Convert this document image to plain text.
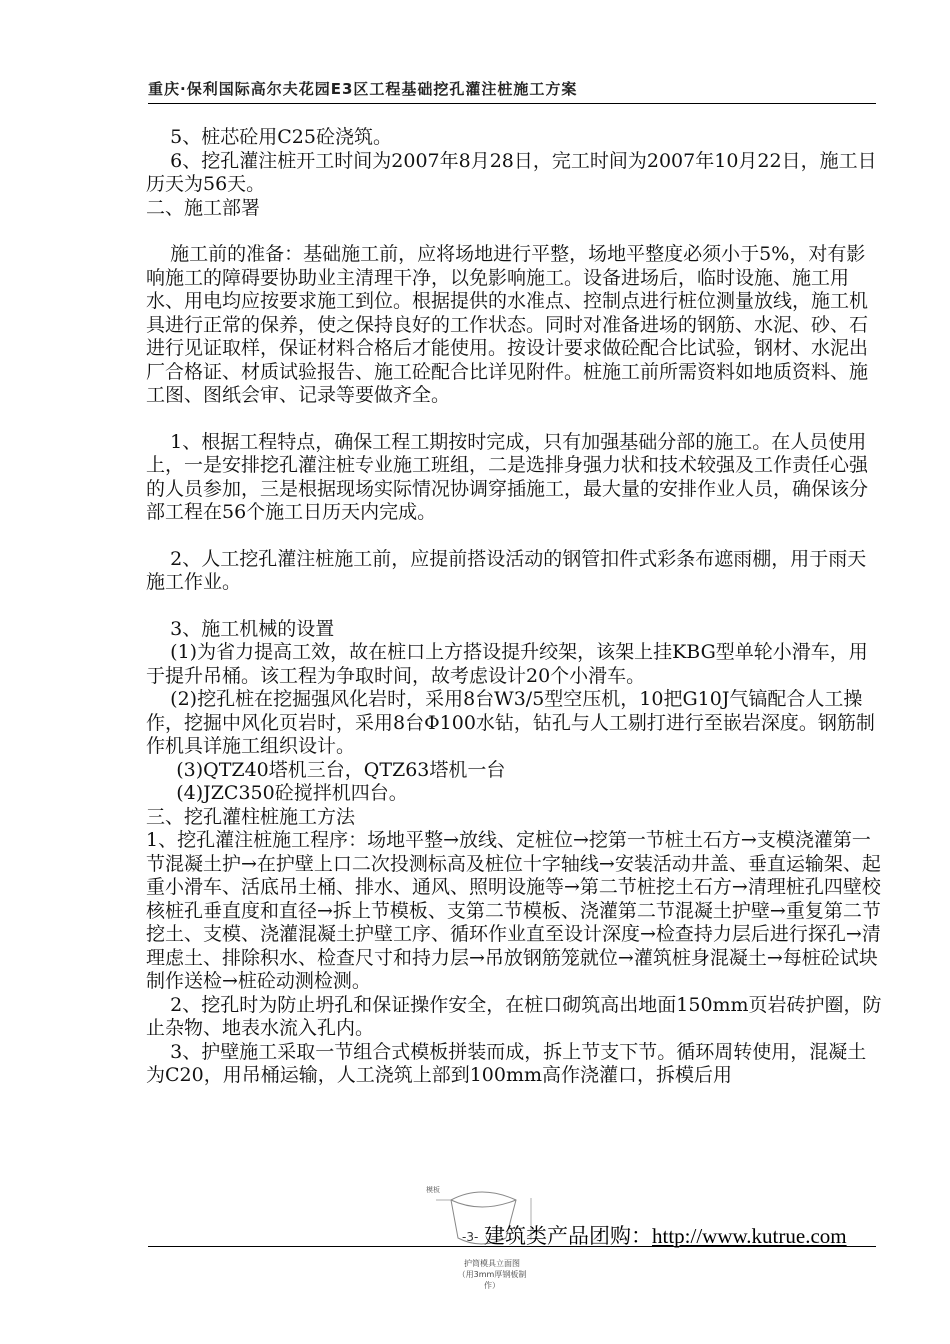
重庆·保利国际高尔夫花园E3区工程基础挖孔灌注桩施工方案

5、桩芯砼用C25砼浇筑。

6、挖孔灌注桩开工时间为2007年8月28日，完工时间为2007年10月22日，施工日历天为56天。

二、施工部署

施工前的准备：基础施工前，应将场地进行平整，场地平整度必须小于5%，对有影响施工的障碍要协助业主清理干净，以免影响施工。设备进场后，临时设施、施工用水、用电均应按要求施工到位。根据提供的水准点、控制点进行桩位测量放线，施工机具进行正常的保养，使之保持良好的工作状态。同时对准备进场的钢筋、水泥、砂、石进行见证取样，保证材料合格后才能使用。按设计要求做砼配合比试验，钢材、水泥出厂合格证、材质试验报告、施工砼配合比详见附件。桩施工前所需资料如地质资料、施工图、图纸会审、记录等要做齐全。

1、根据工程特点，确保工程工期按时完成，只有加强基础分部的施工。在人员使用上，一是安排挖孔灌注桩专业施工班组，二是选排身强力状和技术较强及工作责任心强的人员参加，三是根据现场实际情况协调穿插施工，最大量的安排作业人员，确保该分部工程在56个施工日历天内完成。

2、人工挖孔灌注桩施工前，应提前搭设活动的钢管扣件式彩条布遮雨棚，用于雨天施工作业。

3、施工机械的设置

(1)为省力提高工效，故在桩口上方搭设提升绞架，该架上挂KBG型单轮小滑车，用于提升吊桶。该工程为争取时间，故考虑设计20个小滑车。

(2)挖孔桩在挖掘强风化岩时，采用8台W3/5型空压机，10把G10J气镐配合人工操作，挖掘中风化页岩时，采用8台Φ100水钻，钻孔与人工剔打进行至嵌岩深度。钢筋制作机具详施工组织设计。

(3)QTZ40塔机三台，QTZ63塔机一台

(4)JZC350砼搅拌机四台。

三、挖孔灌柱桩施工方法

1、挖孔灌注桩施工程序：场地平整→放线、定桩位→挖第一节桩土石方→支模浇灌第一节混凝土护→在护壁上口二次投测标高及桩位十字轴线→安装活动井盖、垂直运输架、起重小滑车、活底吊土桶、排水、通风、照明设施等→第二节桩挖土石方→清理桩孔四壁校核桩孔垂直度和直径→拆上节模板、支第二节模板、浇灌第二节混凝土护壁→重复第二节挖土、支模、浇灌混凝土护壁工序、循环作业直至设计深度→检查持力层后进行探孔→清理虑土、排除积水、检查尺寸和持力层→吊放钢筋笼就位→灌筑桩身混凝土→每桩砼试块制作送检→桩砼动测检测。

2、挖孔时为防止坍孔和保证操作安全，在桩口砌筑高出地面150mm页岩砖护圈，防止杂物、地表水流入孔内。

3、护壁施工采取一节组合式模板拼装而成，拆上节支下节。循环周转使用，混凝土为C20，用吊桶运输，人工浇筑上部到100mm高作浇灌口，拆模后用

模板
-3- 建筑类产品团购：http://www.kutrue.com
护筒模具立面图
（用3mm厚钢板制作）
